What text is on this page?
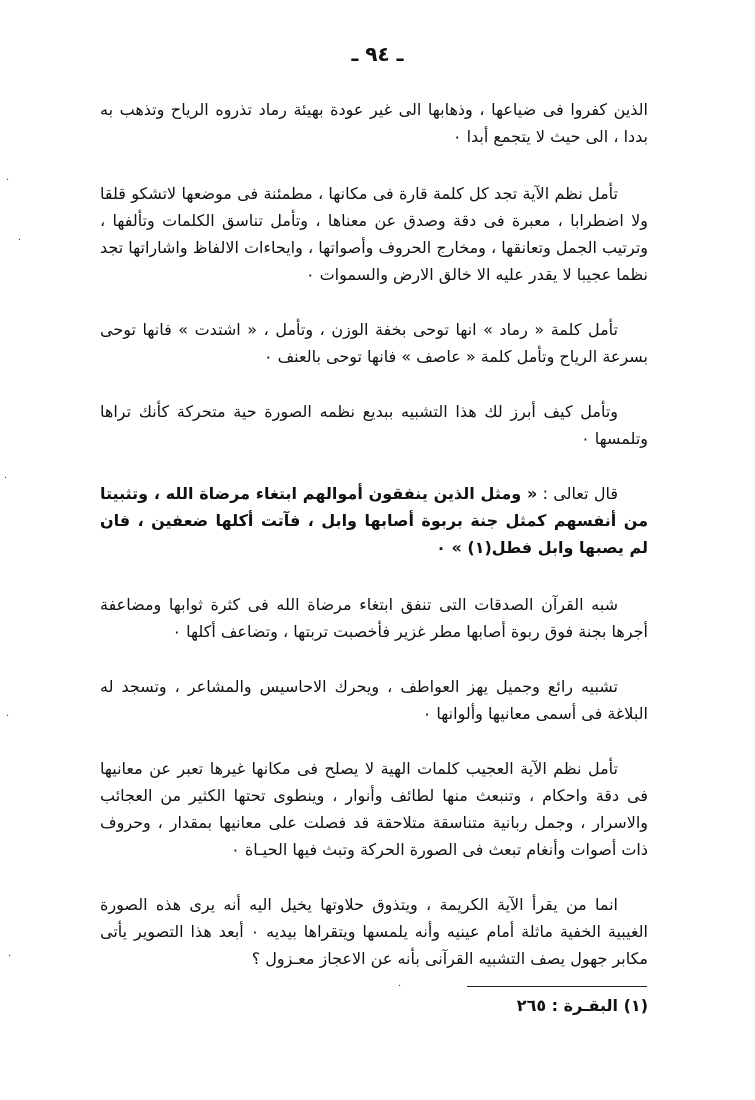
ـ ٩٤ ـ

الذين كفروا فى ضياعها ، وذهابها الى غير عودة بهيئة رماد تذروه الرياح وتذهب به بددا ، الى حيث لا يتجمع أبدا ٠

تأمل نظم الآية تجد كل كلمة قارة فى مكانها ، مطمئنة فى موضعها لاتشكو قلقا ولا اضطرابا ، معبرة فى دقة وصدق عن معناها ، وتأمل تناسق الكلمات وتألفها ، وترتيب الجمل وتعانقها ، ومخارج الحروف وأصواتها ، وايحاءات الالفاظ واشاراتها تجد نظما عجيبا لا يقدر عليه الا خالق الارض والسموات ٠

تأمل كلمة « رماد » انها توحى بخفة الوزن ، وتأمل ، « اشتدت » فانها توحى بسرعة الرياح وتأمل كلمة « عاصف » فانها توحى بالعنف ٠

وتأمل كيف أبرز لك هذا التشبيه ببديع نظمه الصورة حية متحركة كأنك تراها وتلمسها ٠

قال تعالى : « ومثل الذين ينفقون أموالهم ابتغاء مرضاة الله ، وتثبيتا من أنفسهم كمثل جنة بربوة أصابها وابل ، فآتت أكلها ضعفين ، فان لم يصبها وابل فطل(١) » ٠

شبه القرآن الصدقات التى تنفق ابتغاء مرضاة الله فى كثرة ثوابها ومضاعفة أجرها بجنة فوق ربوة أصابها مطر غزير فأخصبت تربتها ، وتضاعف أكلها ٠

تشبيه رائع وجميل يهز العواطف ، ويحرك الاحاسيس والمشاعر ، وتسجد له البلاغة فى أسمى معانيها وألوانها ٠

تأمل نظم الآية العجيب كلمات الهية لا يصلح فى مكانها غيرها تعبر عن معانيها فى دقة واحكام ، وتنبعث منها لطائف وأنوار ، وينطوى تحتها الكثير من العجائب والاسرار ، وجمل ربانية متناسقة متلاحقة قد فصلت على معانيها بمقدار ، وحروف ذات أصوات وأنغام تبعث فى الصورة الحركة وتبث فيها الحيـاة ٠

انما من يقرأ الآية الكريمة ، ويتذوق حلاوتها يخيل اليه أنه يرى هذه الصورة الغيبية الخفية ماثلة أمام عينيه وأنه يلمسها ويتقراها بيديه ٠ أبعد هذا التصوير يأتى مكابر جهول يصف التشبيه القرآنى بأنه عن الاعجاز معـزول ؟

(١) البقـرة : ٢٦٥
·
·
·
·
·
·
